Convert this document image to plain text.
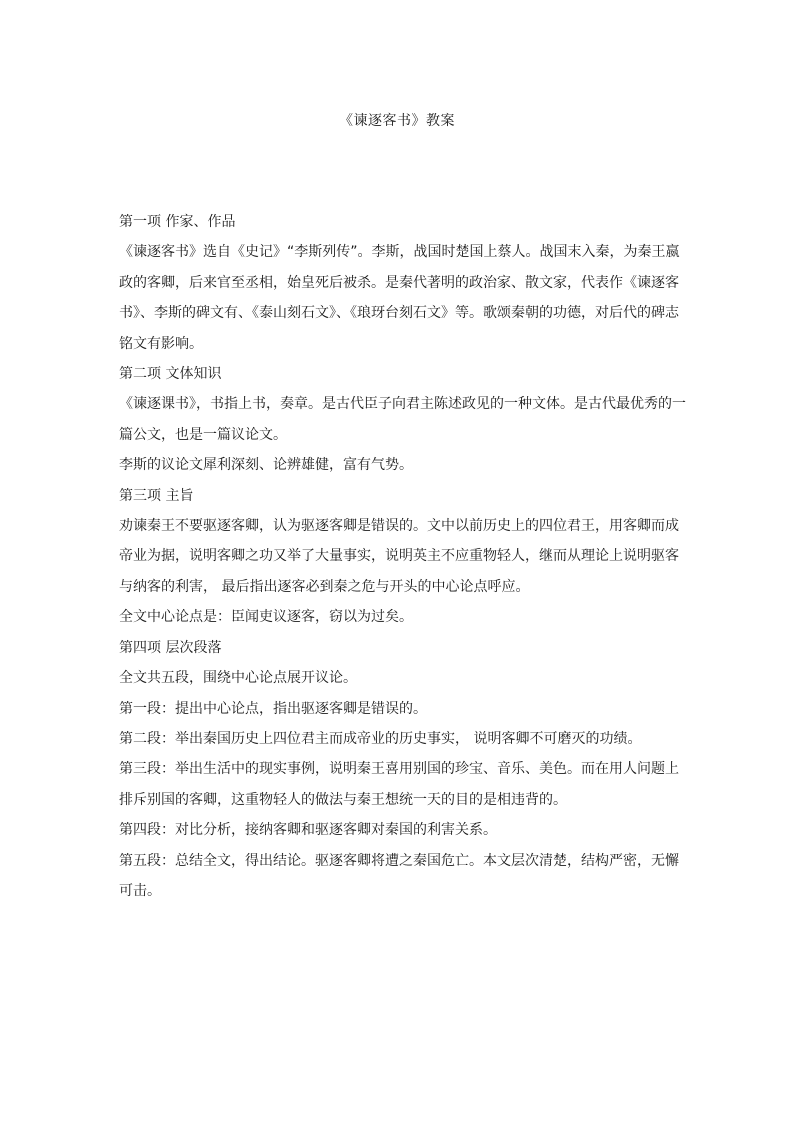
《谏逐客书》教案

第一项 作家、作品

《谏逐客书》选自《史记》“李斯列传”。李斯，战国时楚国上蔡人。战国末入秦，为秦王嬴政的客卿，后来官至丞相，始皇死后被杀。是秦代著明的政治家、散文家，代表作《谏逐客书》、李斯的碑文有、《泰山刻石文》、《琅玡台刻石文》等。歌颂秦朝的功德，对后代的碑志铭文有影响。

第二项 文体知识

《谏逐课书》，书指上书，奏章。是古代臣子向君主陈述政见的一种文体。是古代最优秀的一篇公文，也是一篇议论文。

李斯的议论文犀利深刻、论辨雄健，富有气势。

第三项 主旨

劝谏秦王不要驱逐客卿，认为驱逐客卿是错误的。文中以前历史上的四位君王，用客卿而成帝业为据，说明客卿之功又举了大量事实，说明英主不应重物轻人，继而从理论上说明驱客与纳客的利害， 最后指出逐客必到秦之危与开头的中心论点呼应。

全文中心论点是：臣闻吏议逐客，窃以为过矣。

第四项 层次段落

全文共五段，围绕中心论点展开议论。

第一段：提出中心论点，指出驱逐客卿是错误的。

第二段：举出秦国历史上四位君主而成帝业的历史事实， 说明客卿不可磨灭的功绩。

第三段：举出生活中的现实事例，说明秦王喜用别国的珍宝、音乐、美色。而在用人问题上排斥别国的客卿，这重物轻人的做法与秦王想统一天的目的是相违背的。

第四段：对比分析，接纳客卿和驱逐客卿对秦国的利害关系。

第五段：总结全文，得出结论。驱逐客卿将遭之秦国危亡。本文层次清楚，结构严密，无懈可击。
